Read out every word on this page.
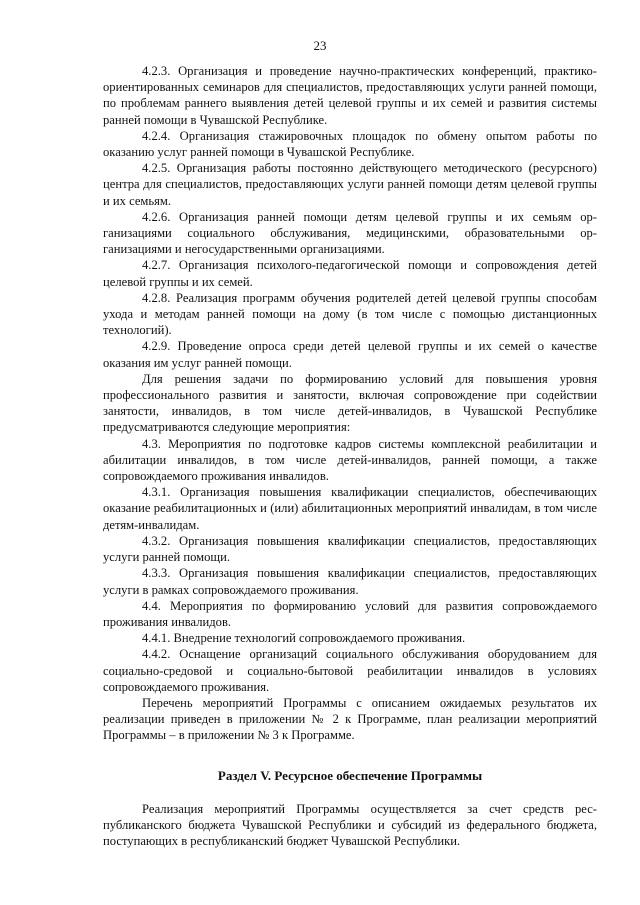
23

4.2.3. Организация и проведение научно-практических конференций, практико-ориентированных семинаров для специалистов, предоставляющих услуги ранней помощи, по проблемам раннего выявления детей целевой группы и их семей и развития системы ранней помощи в Чувашской Республике.

4.2.4. Организация стажировочных площадок по обмену опытом работы по оказанию услуг ранней помощи в Чувашской Республике.

4.2.5. Организация работы постоянно действующего методического (ресурсного) центра для специалистов, предоставляющих услуги ранней помощи детям целевой группы и их семьям.

4.2.6. Организация ранней помощи детям целевой группы и их семьям организациями социального обслуживания, медицинскими, образовательными организациями и негосударственными организациями.

4.2.7. Организация психолого-педагогической помощи и сопровождения детей целевой группы и их семей.

4.2.8. Реализация программ обучения родителей детей целевой группы способам ухода и методам ранней помощи на дому (в том числе с помощью дистанционных технологий).

4.2.9. Проведение опроса среди детей целевой группы и их семей о качестве оказания им услуг ранней помощи.

Для решения задачи по формированию условий для повышения уровня профессионального развития и занятости, включая сопровождение при содействии занятости, инвалидов, в том числе детей-инвалидов, в Чувашской Республике предусматриваются следующие мероприятия:

4.3. Мероприятия по подготовке кадров системы комплексной реабилитации и абилитации инвалидов, в том числе детей-инвалидов, ранней помощи, а также сопровождаемого проживания инвалидов.

4.3.1. Организация повышения квалификации специалистов, обеспечивающих оказание реабилитационных и (или) абилитационных мероприятий инвалидам, в том числе детям-инвалидам.

4.3.2. Организация повышения квалификации специалистов, предоставляющих услуги ранней помощи.

4.3.3. Организация повышения квалификации специалистов, предоставляющих услуги в рамках сопровождаемого проживания.

4.4. Мероприятия по формированию условий для развития сопровождаемого проживания инвалидов.

4.4.1. Внедрение технологий сопровождаемого проживания.

4.4.2. Оснащение организаций социального обслуживания оборудованием для социально-средовой и социально-бытовой реабилитации инвалидов в условиях сопровождаемого проживания.

Перечень мероприятий Программы с описанием ожидаемых результатов их реализации приведен в приложении № 2 к Программе, план реализации мероприятий Программы – в приложении № 3 к Программе.

Раздел V. Ресурсное обеспечение Программы

Реализация мероприятий Программы осуществляется за счет средств республиканского бюджета Чувашской Республики и субсидий из федерального бюджета, поступающих в республиканский бюджет Чувашской Республики.
